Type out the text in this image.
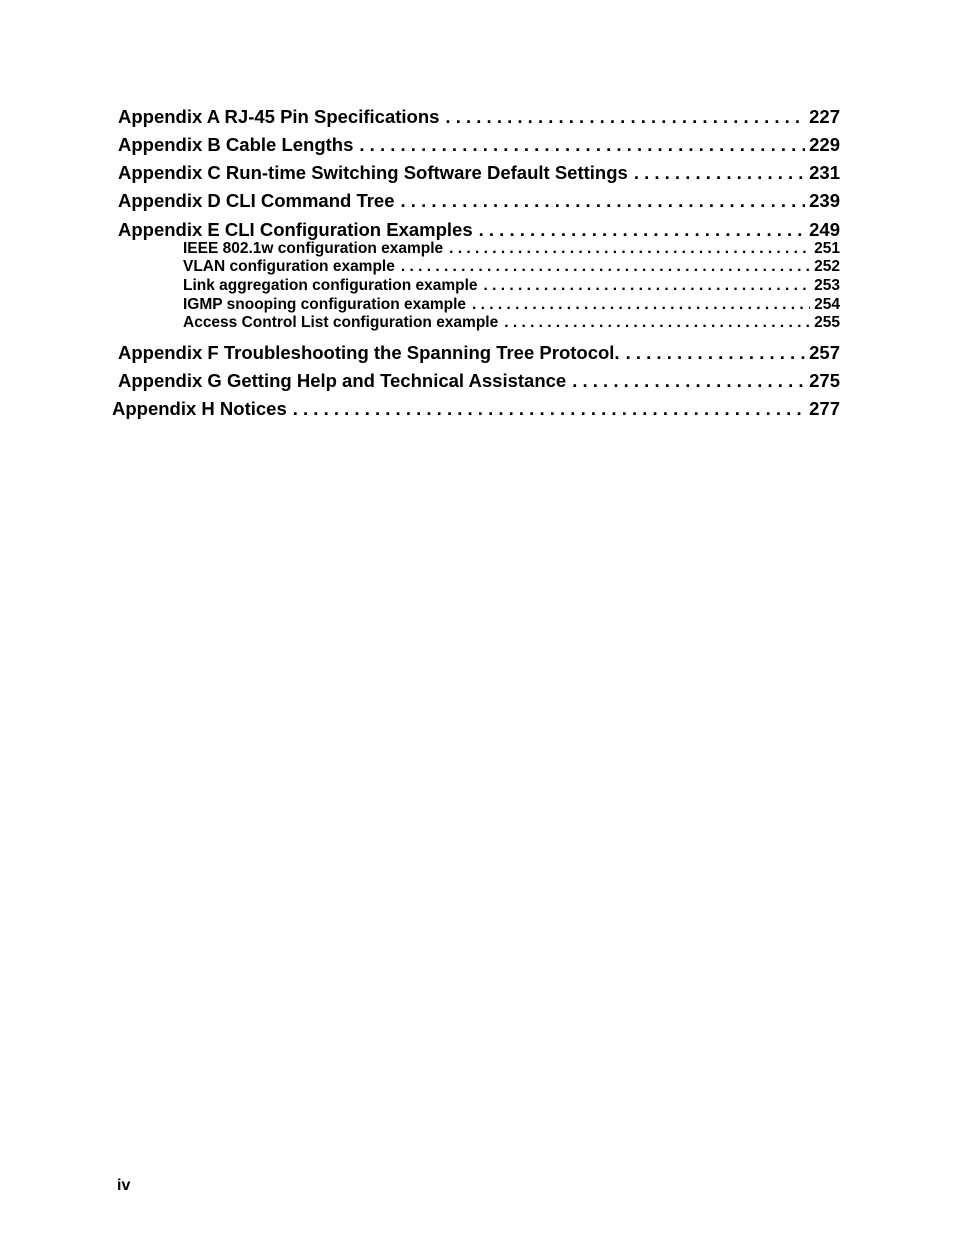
Appendix A RJ-45 Pin Specifications . . .	227
Appendix B Cable Lengths . . .	229
Appendix C Run-time Switching Software Default Settings . . .	231
Appendix D CLI Command Tree . . .	239
Appendix E CLI Configuration Examples . . .	249
IEEE 802.1w configuration example . . .	251
VLAN configuration example . . .	252
Link aggregation configuration example . . .	253
IGMP snooping configuration example . . .	254
Access Control List configuration example . . .	255
Appendix F Troubleshooting the Spanning Tree Protocol. . . .	257
Appendix G Getting Help and Technical Assistance . . .	275
Appendix H Notices . . .	277
iv
